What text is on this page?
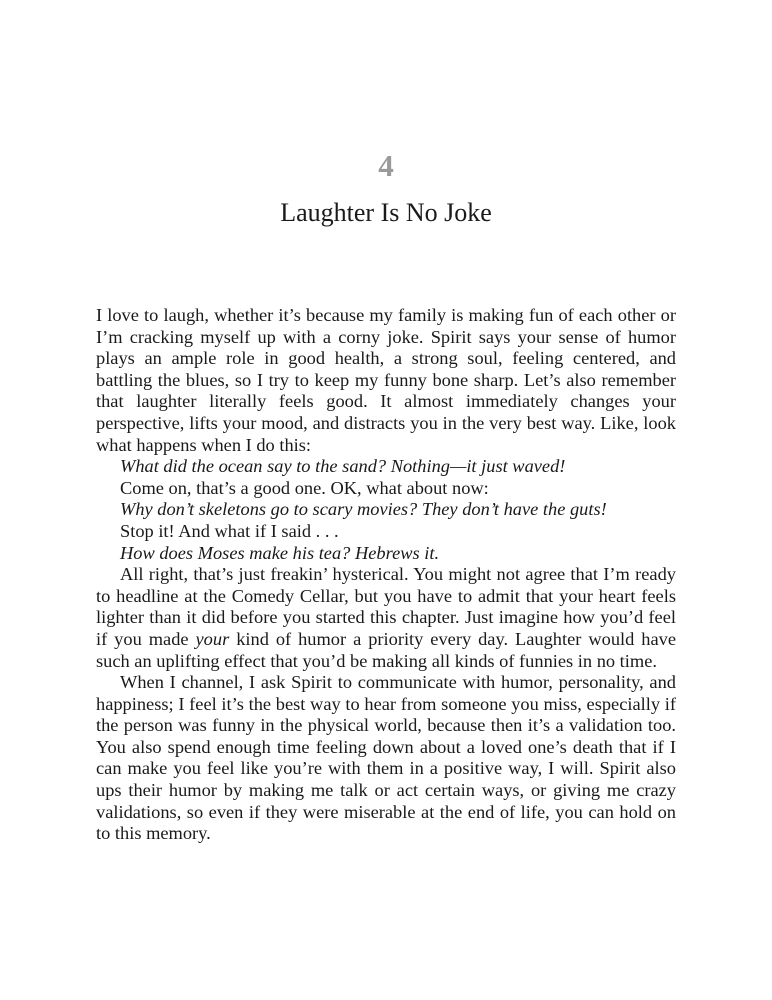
4
Laughter Is No Joke

I love to laugh, whether it’s because my family is making fun of each other or I’m cracking myself up with a corny joke. Spirit says your sense of humor plays an ample role in good health, a strong soul, feeling centered, and battling the blues, so I try to keep my funny bone sharp. Let’s also remember that laughter literally feels good. It almost immediately changes your perspective, lifts your mood, and distracts you in the very best way. Like, look what happens when I do this:

What did the ocean say to the sand? Nothing—it just waved!

Come on, that’s a good one. OK, what about now:

Why don’t skeletons go to scary movies? They don’t have the guts!

Stop it! And what if I said . . .

How does Moses make his tea? Hebrews it.

All right, that’s just freakin’ hysterical. You might not agree that I’m ready to headline at the Comedy Cellar, but you have to admit that your heart feels lighter than it did before you started this chapter. Just imagine how you’d feel if you made your kind of humor a priority every day. Laughter would have such an uplifting effect that you’d be making all kinds of funnies in no time.

When I channel, I ask Spirit to communicate with humor, personality, and happiness; I feel it’s the best way to hear from someone you miss, especially if the person was funny in the physical world, because then it’s a validation too. You also spend enough time feeling down about a loved one’s death that if I can make you feel like you’re with them in a positive way, I will. Spirit also ups their humor by making me talk or act certain ways, or giving me crazy validations, so even if they were miserable at the end of life, you can hold on to this memory.
